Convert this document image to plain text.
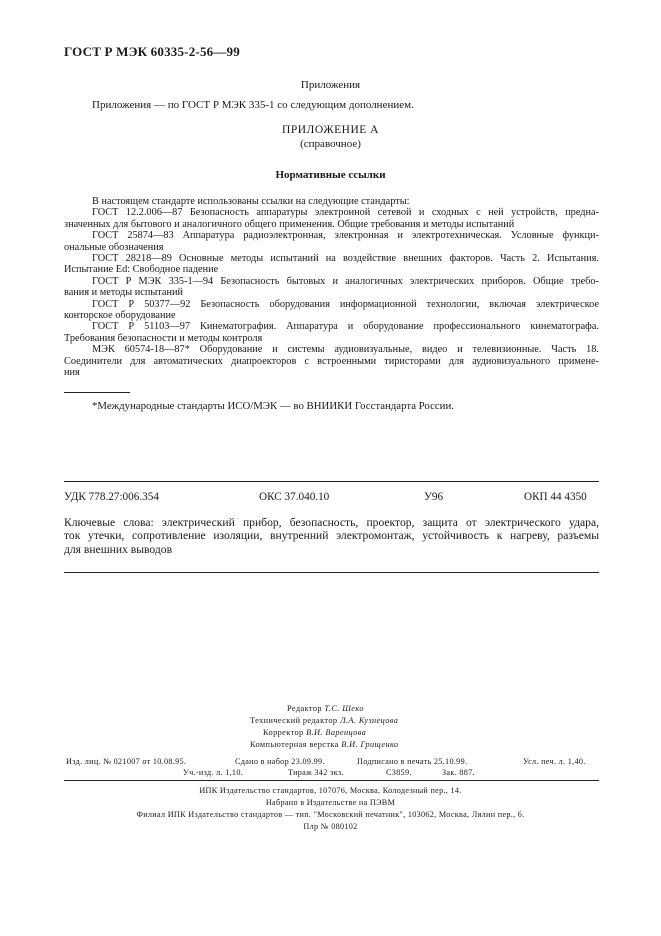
ГОСТ Р МЭК 60335-2-56—99
Приложения
Приложения — по ГОСТ Р МЭК 335-1 со следующим дополнением.
ПРИЛОЖЕНИЕ А
(справочное)
Нормативные ссылки
В настоящем стандарте использованы ссылки на следующие стандарты:
ГОСТ 12.2.006—87 Безопасность аппаратуры электронной сетевой и сходных с ней устройств, предна-
значенных для бытового и аналогичного общего применения. Общие требования и методы испытаний
ГОСТ 25874—83 Аппаратура радиоэлектронная, электронная и электротехническая. Условные функци-
ональные обозначения
ГОСТ 28218—89 Основные методы испытаний на воздействие внешних факторов. Часть 2. Испытания.
Испытание Ed: Свободное падение
ГОСТ Р МЭК 335-1—94 Безопасность бытовых и аналогичных электрических приборов. Общие требо-
вания и методы испытаний
ГОСТ Р 50377—92 Безопасность оборудования информационной технологии, включая электрическое
конторское оборудование
ГОСТ Р 51103—97 Кинематография. Аппаратура и оборудование профессионального кинематографа.
Требования безопасности и методы контроля
МЭК 60574-18—87* Оборудование и системы аудиовизуальные, видео и телевизионные. Часть 18.
Соединители для автоматических диапроекторов с встроенными тиристорами для аудиовизуального примене-
ния
*Международные стандарты ИСО/МЭК — во ВНИИКИ Госстандарта России.
УДК 778.27:006.354	ОКС 37.040.10	У96	ОКП 44 4350
Ключевые слова: электрический прибор, безопасность, проектор, защита от электрического удара,
ток утечки, сопротивление изоляции, внутренний электромонтаж, устойчивость к нагреву, разъемы
для внешних выводов
Редактор Т.С. Шеко
Технический редактор Л.А. Кузнецова
Корректор В.И. Варенцова
Компьютерная верстка В.И. Грищенко
Изд. лиц. № 021007 от 10.08.95.	Сдано в набор 23.09.99.	Подписано в печать 25.10.99.	Усл. печ. л. 1,40.
Уч.-изд. л. 1,10.	Тираж 342 экз.	С3859.	Зак. 887.
ИПК Издательство стандартов, 107076, Москва, Колодезный пер., 14.
Набрано в Издательстве на ПЭВМ
Филиал ИПК Издательство стандартов — тип. "Московский печатник", 103062, Москва, Лялин пер., 6.
Плр № 080102
